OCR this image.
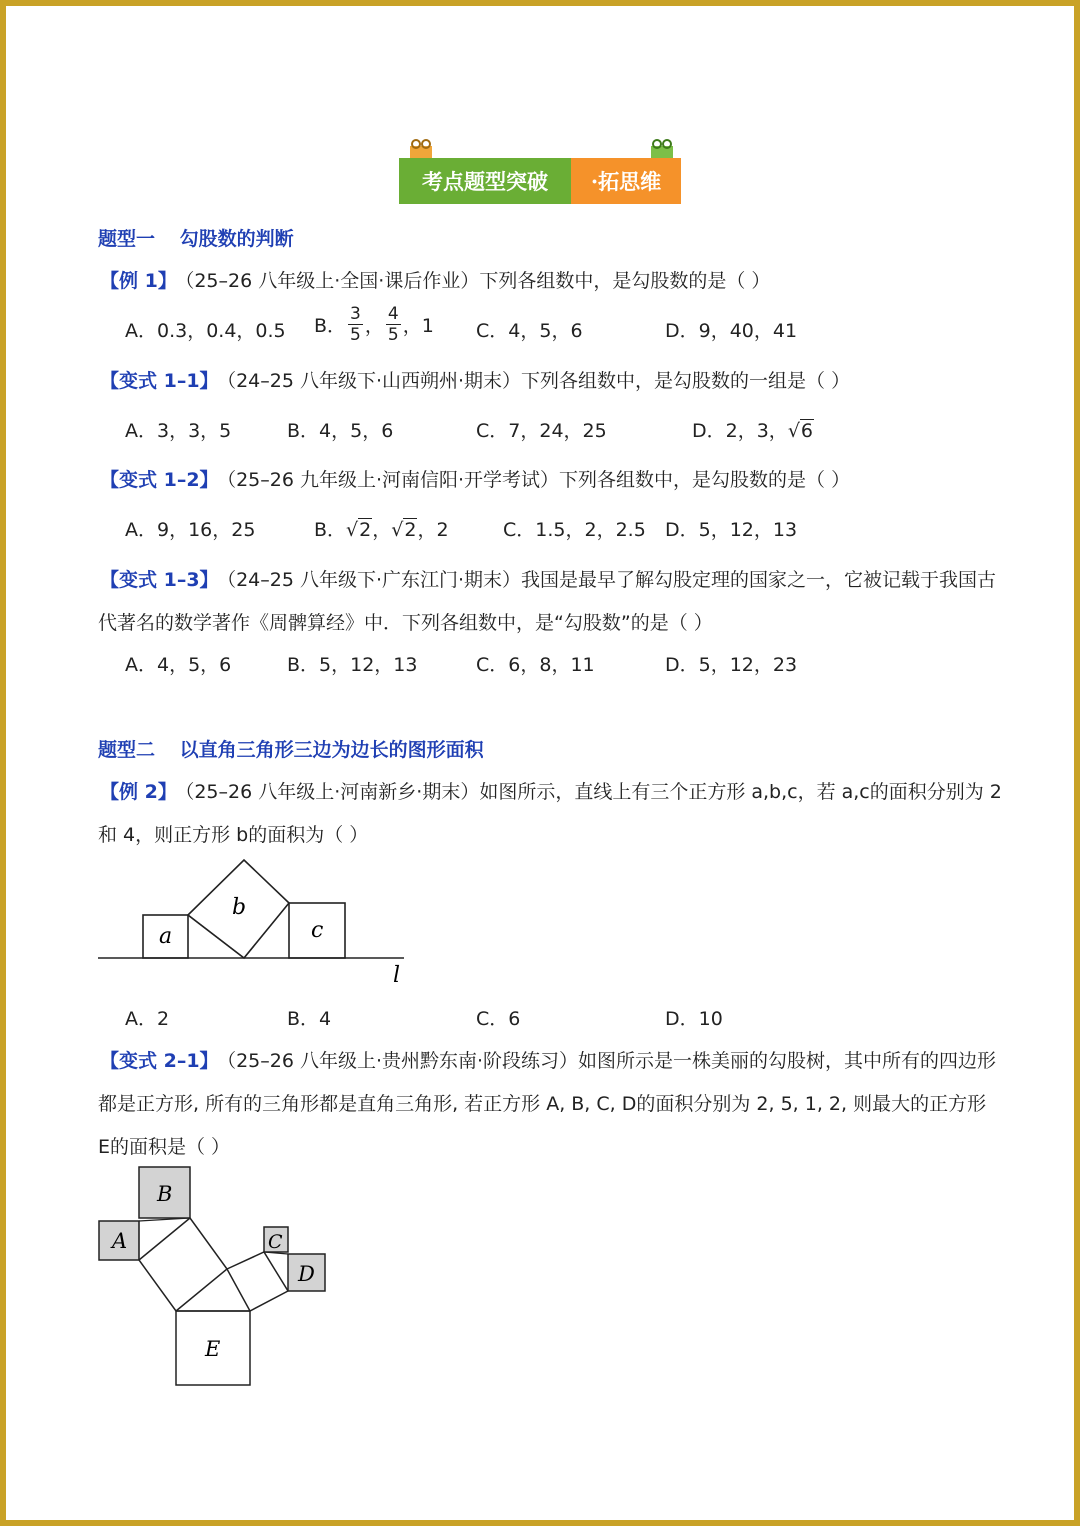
考点题型突破	·拓思维
题型一 勾股数的判断
【例 1】 （25–26 八年级上·全国·课后作业）下列各组数中，是勾股数的是（ ）
A．0.3，0.4，0.5 B． $\frac{3}{5}$ ， $\frac{4}{5}$ ，1 C．4，5，6	D．9，40，41
【变式 1–1】 （24–25 八年级下·山西朔州·期末）下列各组数中，是勾股数的一组是（ ）
A．3，3，5	B．4，5，6	C．7，24，25	D．2，3，√6
【变式 1–2】 （25–26 九年级上·河南信阳·开学考试）下列各组数中，是勾股数的是（ ）
A．9，16，25	B．√2，√2，2	C．1.5，2，2.5 D．5，12，13
【变式 1–3】 （24–25 八年级下·广东江门·期末）我国是最早了解勾股定理的国家之一，它被记载于我国古
代著名的数学著作《周髀算经》中．下列各组数中，是“勾股数”的是（ ）
A．4，5，6	B．5，12，13	C．6，8，11	D．5，12，23
题型二 以直角三角形三边为边长的图形面积
【例 2】 （25–26 八年级上·河南新乡·期末）如图所示，直线上有三个正方形 a,b,c，若 a,c的面积分别为 2
和 4，则正方形 b的面积为（ ）
a
b
c
l
A．2	B．4	C．6	D．10
【变式 2–1】 （25–26 八年级上·贵州黔东南·阶段练习）如图所示是一株美丽的勾股树，其中所有的四边形
都是正方形, 所有的三角形都是直角三角形, 若正方形 A, B, C, D的面积分别为 2, 5, 1, 2, 则最大的正方形
E的面积是（ ）
B
A	C
D
E
